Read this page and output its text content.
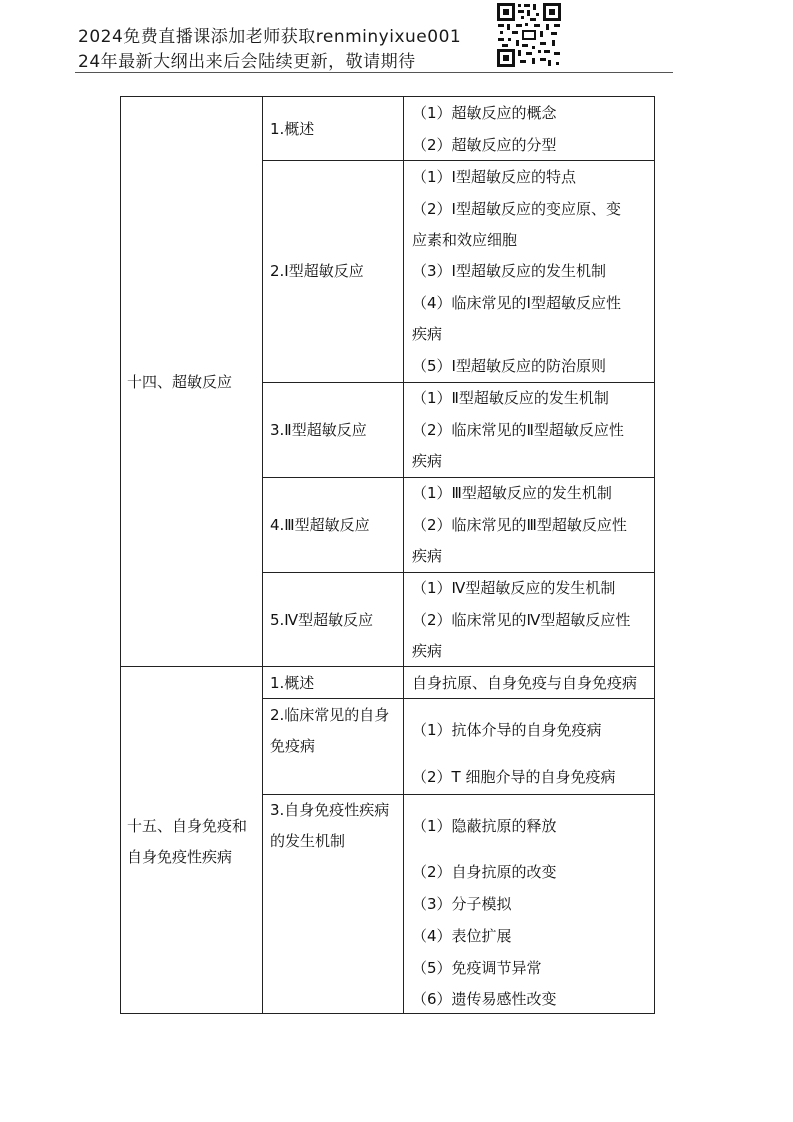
2024免费直播课添加老师获取renminyixue001
24年最新大纲出来后会陆续更新，敬请期待
十四、超敏反应
1.概述
（1）超敏反应的概念
（2）超敏反应的分型
2.Ⅰ型超敏反应
（1）Ⅰ型超敏反应的特点
（2）Ⅰ型超敏反应的变应原、变
应素和效应细胞
（3）Ⅰ型超敏反应的发生机制
（4）临床常见的Ⅰ型超敏反应性
疾病
（5）Ⅰ型超敏反应的防治原则
3.Ⅱ型超敏反应
（1）Ⅱ型超敏反应的发生机制
（2）临床常见的Ⅱ型超敏反应性
疾病
4.Ⅲ型超敏反应
（1）Ⅲ型超敏反应的发生机制
（2）临床常见的Ⅲ型超敏反应性
疾病
5.Ⅳ型超敏反应
（1）Ⅳ型超敏反应的发生机制
（2）临床常见的Ⅳ型超敏反应性
疾病
十五、自身免疫和
自身免疫性疾病
1.概述	自身抗原、自身免疫与自身免疫病
2.临床常见的自身
免疫病
（1）抗体介导的自身免疫病
（2）T 细胞介导的自身免疫病
3.自身免疫性疾病
的发生机制
（1）隐蔽抗原的释放
（2）自身抗原的改变
（3）分子模拟
（4）表位扩展
（5）免疫调节异常
（6）遗传易感性改变
